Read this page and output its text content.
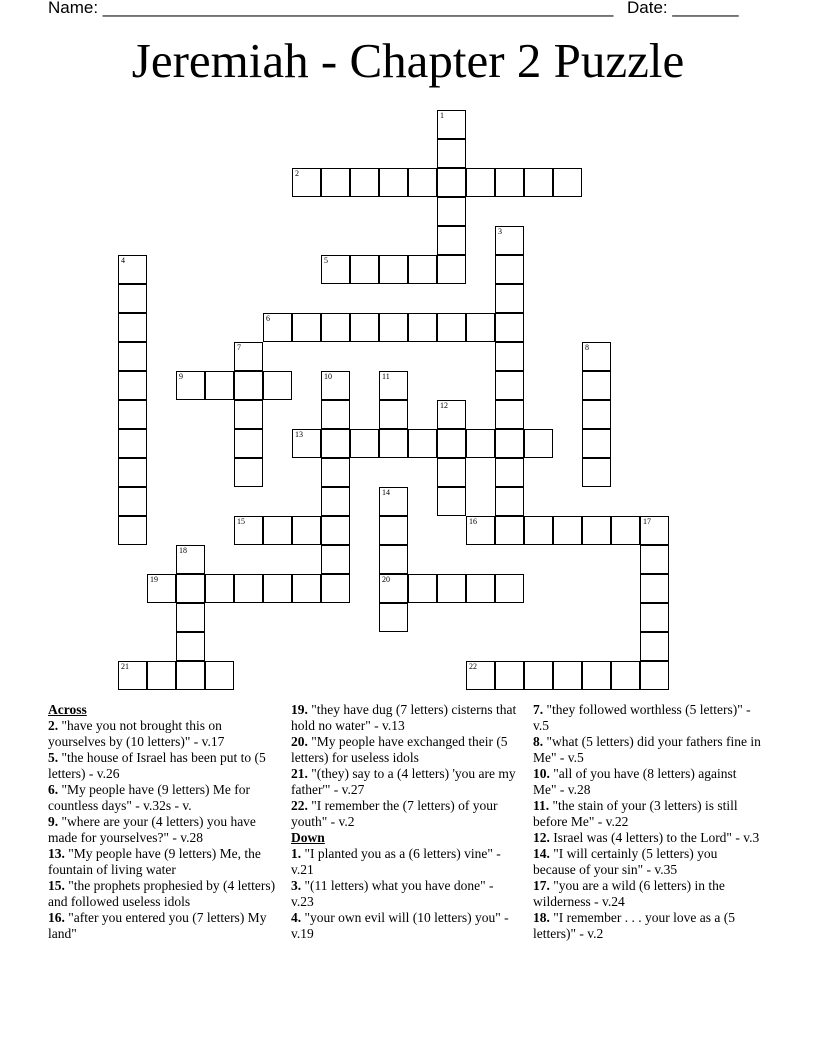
Name: ______________________________________________________ Date: _______
Jeremiah - Chapter 2 Puzzle
1
2
3
4	5
6
7	8
9	10	11
12
13
14
20
15	16	17
18
19
21	22
Across
2. "have you not brought this on yourselves by (10 letters)" - v.17
5. "the house of Israel has been put to (5 letters) - v.26
6. "My people have (9 letters) Me for countless days" - v.32s - v.
9. "where are your (4 letters) you have made for yourselves?" - v.28
13. "My people have (9 letters) Me, the fountain of living water
15. "the prophets prophesied by (4 letters) and followed useless idols
16. "after you entered you (7 letters) My land"
19. "they have dug (7 letters) cisterns that hold no water" - v.13
20. "My people have exchanged their (5 letters) for useless idols
21. "(they) say to a (4 letters) 'you are my father'" - v.27
22. "I remember the (7 letters) of your youth" - v.2
Down
1. "I planted you as a (6 letters) vine" - v.21
3. "(11 letters) what you have done" - v.23
4. "your own evil will (10 letters) you" - v.19
7. "they followed worthless (5 letters)" - v.5
8. "what (5 letters) did your fathers fine in Me" - v.5
10. "all of you have (8 letters) against Me" - v.28
11. "the stain of your (3 letters) is still before Me" - v.22
12. Israel was (4 letters) to the Lord" - v.3
14. "I will certainly (5 letters) you because of your sin" - v.35
17. "you are a wild (6 letters) in the wilderness - v.24
18. "I remember . . . your love as a (5 letters)" - v.2
